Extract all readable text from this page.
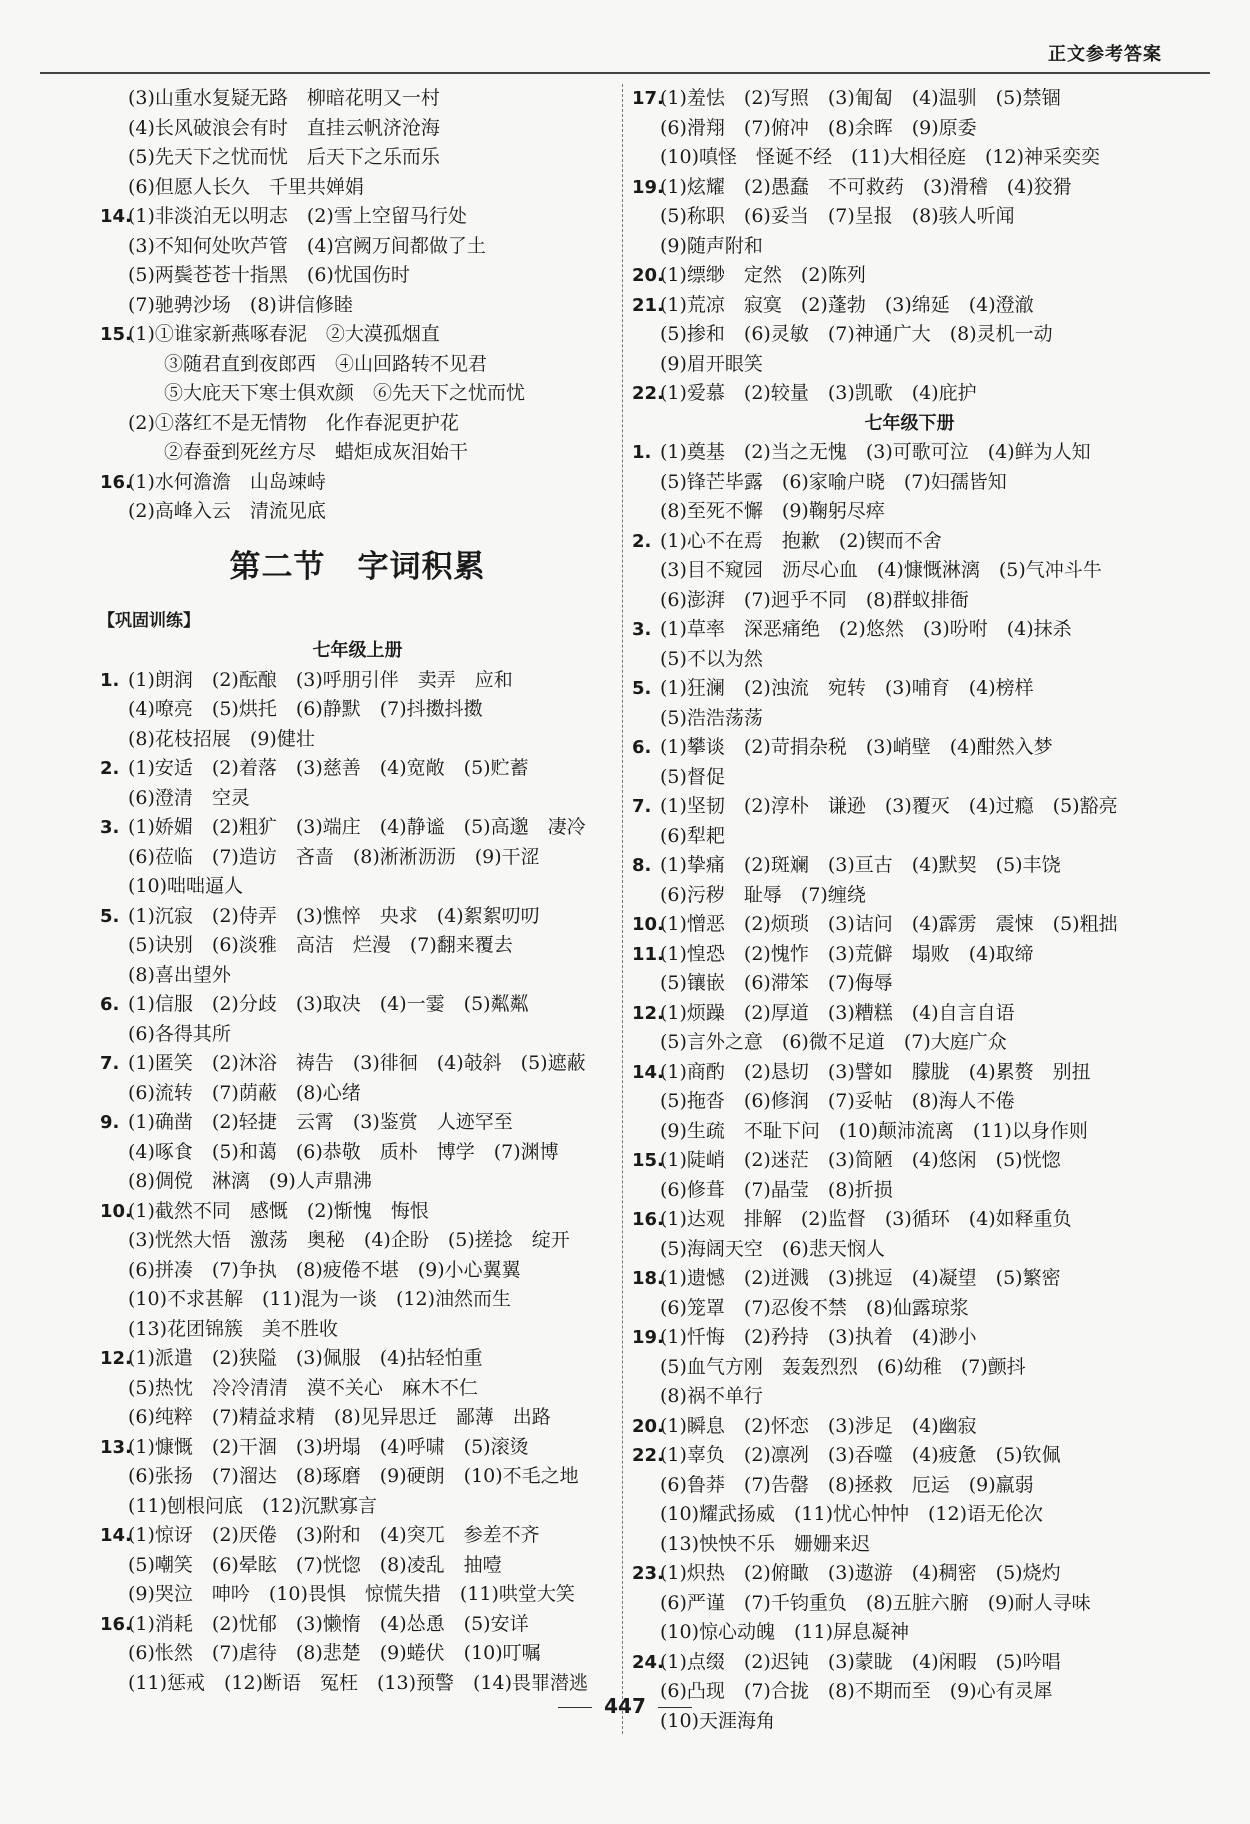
正文参考答案
(3)山重水复疑无路　柳暗花明又一村
(4)长风破浪会有时　直挂云帆济沧海
(5)先天下之忧而忧　后天下之乐而乐
(6)但愿人长久　千里共婵娟
14.(1)非淡泊无以明志　(2)雪上空留马行处
(3)不知何处吹芦管　(4)宫阙万间都做了土
(5)两鬓苍苍十指黑　(6)忧国伤时
(7)驰骋沙场　(8)讲信修睦
15.(1)①谁家新燕啄春泥　②大漠孤烟直
③随君直到夜郎西　④山回路转不见君
⑤大庇天下寒士俱欢颜　⑥先天下之忧而忧
(2)①落红不是无情物　化作春泥更护花
②春蚕到死丝方尽　蜡炬成灰泪始干
16.(1)水何澹澹　山岛竦峙
(2)高峰入云　清流见底
第二节　字词积累
【巩固训练】
七年级上册
1. (1)朗润　(2)酝酿　(3)呼朋引伴　卖弄　应和
(4)嘹亮　(5)烘托　(6)静默　(7)抖擞抖擞
(8)花枝招展　(9)健壮
2. (1)安适　(2)着落　(3)慈善　(4)宽敞　(5)贮蓄
(6)澄清　空灵
3. (1)娇媚　(2)粗犷　(3)端庄　(4)静谧　(5)高邈　凄冷
(6)莅临　(7)造访　吝啬　(8)淅淅沥沥　(9)干涩
(10)咄咄逼人
5. (1)沉寂　(2)侍弄　(3)憔悴　央求　(4)絮絮叨叨
(5)诀别　(6)淡雅　高洁　烂漫　(7)翻来覆去
(8)喜出望外
6. (1)信服　(2)分歧　(3)取决　(4)一霎　(5)粼粼
(6)各得其所
7. (1)匿笑　(2)沐浴　祷告　(3)徘徊　(4)攲斜　(5)遮蔽
(6)流转　(7)荫蔽　(8)心绪
9. (1)确凿　(2)轻捷　云霄　(3)鉴赏　人迹罕至
(4)啄食　(5)和蔼　(6)恭敬　质朴　博学　(7)渊博
(8)倜傥　淋漓　(9)人声鼎沸
10.(1)截然不同　感慨　(2)惭愧　悔恨
(3)恍然大悟　激荡　奥秘　(4)企盼　(5)搓捻　绽开
(6)拼凑　(7)争执　(8)疲倦不堪　(9)小心翼翼
(10)不求甚解　(11)混为一谈　(12)油然而生
(13)花团锦簇　美不胜收
12.(1)派遣　(2)狭隘　(3)佩服　(4)拈轻怕重
(5)热忱　冷冷清清　漠不关心　麻木不仁
(6)纯粹　(7)精益求精　(8)见异思迁　鄙薄　出路
13.(1)慷慨　(2)干涸　(3)坍塌　(4)呼啸　(5)滚烫
(6)张扬　(7)溜达　(8)琢磨　(9)硬朗　(10)不毛之地
(11)刨根问底　(12)沉默寡言
14.(1)惊讶　(2)厌倦　(3)附和　(4)突兀　参差不齐
(5)嘲笑　(6)晕眩　(7)恍惚　(8)凌乱　抽噎
(9)哭泣　呻吟　(10)畏惧　惊慌失措　(11)哄堂大笑
16.(1)消耗　(2)忧郁　(3)懒惰　(4)怂恿　(5)安详
(6)怅然　(7)虐待　(8)悲楚　(9)蜷伏　(10)叮嘱
(11)惩戒　(12)断语　冤枉　(13)预警　(14)畏罪潜逃
17.(1)羞怯　(2)写照　(3)匍匐　(4)温驯　(5)禁锢
(6)滑翔　(7)俯冲　(8)余晖　(9)原委
(10)嗔怪　怪诞不经　(11)大相径庭　(12)神采奕奕
19.(1)炫耀　(2)愚蠢　不可救药　(3)滑稽　(4)狡猾
(5)称职　(6)妥当　(7)呈报　(8)骇人听闻
(9)随声附和
20.(1)缥缈　定然　(2)陈列
21.(1)荒凉　寂寞　(2)蓬勃　(3)绵延　(4)澄澈
(5)掺和　(6)灵敏　(7)神通广大　(8)灵机一动
(9)眉开眼笑
22.(1)爱慕　(2)较量　(3)凯歌　(4)庇护
七年级下册
1. (1)奠基　(2)当之无愧　(3)可歌可泣　(4)鲜为人知
(5)锋芒毕露　(6)家喻户晓　(7)妇孺皆知
(8)至死不懈　(9)鞠躬尽瘁
2. (1)心不在焉　抱歉　(2)锲而不舍
(3)目不窥园　沥尽心血　(4)慷慨淋漓　(5)气冲斗牛
(6)澎湃　(7)迥乎不同　(8)群蚁排衙
3. (1)草率　深恶痛绝　(2)悠然　(3)吩咐　(4)抹杀
(5)不以为然
5. (1)狂澜　(2)浊流　宛转　(3)哺育　(4)榜样
(5)浩浩荡荡
6. (1)攀谈　(2)苛捐杂税　(3)峭壁　(4)酣然入梦
(5)督促
7. (1)坚韧　(2)淳朴　谦逊　(3)覆灭　(4)过瘾　(5)豁亮
(6)犁耙
8. (1)挚痛　(2)斑斓　(3)亘古　(4)默契　(5)丰饶
(6)污秽　耻辱　(7)缠绕
10.(1)憎恶　(2)烦琐　(3)诘问　(4)霹雳　震悚　(5)粗拙
11.(1)惶恐　(2)愧怍　(3)荒僻　塌败　(4)取缔
(5)镶嵌　(6)滞笨　(7)侮辱
12.(1)烦躁　(2)厚道　(3)糟糕　(4)自言自语
(5)言外之意　(6)微不足道　(7)大庭广众
14.(1)商酌　(2)恳切　(3)譬如　朦胧　(4)累赘　别扭
(5)拖沓　(6)修润　(7)妥帖　(8)海人不倦
(9)生疏　不耻下问　(10)颠沛流离　(11)以身作则
15.(1)陡峭　(2)迷茫　(3)简陋　(4)悠闲　(5)恍惚
(6)修葺　(7)晶莹　(8)折损
16.(1)达观　排解　(2)监督　(3)循环　(4)如释重负
(5)海阔天空　(6)悲天悯人
18.(1)遗憾　(2)迸溅　(3)挑逗　(4)凝望　(5)繁密
(6)笼罩　(7)忍俊不禁　(8)仙露琼浆
19.(1)忏悔　(2)矜持　(3)执着　(4)渺小
(5)血气方刚　轰轰烈烈　(6)幼稚　(7)颤抖
(8)祸不单行
20.(1)瞬息　(2)怀恋　(3)涉足　(4)幽寂
22.(1)辜负　(2)凛冽　(3)吞噬　(4)疲惫　(5)钦佩
(6)鲁莽　(7)告罄　(8)拯救　厄运　(9)羸弱
(10)耀武扬威　(11)忧心忡忡　(12)语无伦次
(13)怏怏不乐　姗姗来迟
23.(1)炽热　(2)俯瞰　(3)遨游　(4)稠密　(5)烧灼
(6)严谨　(7)千钧重负　(8)五脏六腑　(9)耐人寻味
(10)惊心动魄　(11)屏息凝神
24.(1)点缀　(2)迟钝　(3)蒙眬　(4)闲暇　(5)吟唱
(6)凸现　(7)合拢　(8)不期而至　(9)心有灵犀
(10)天涯海角
447
